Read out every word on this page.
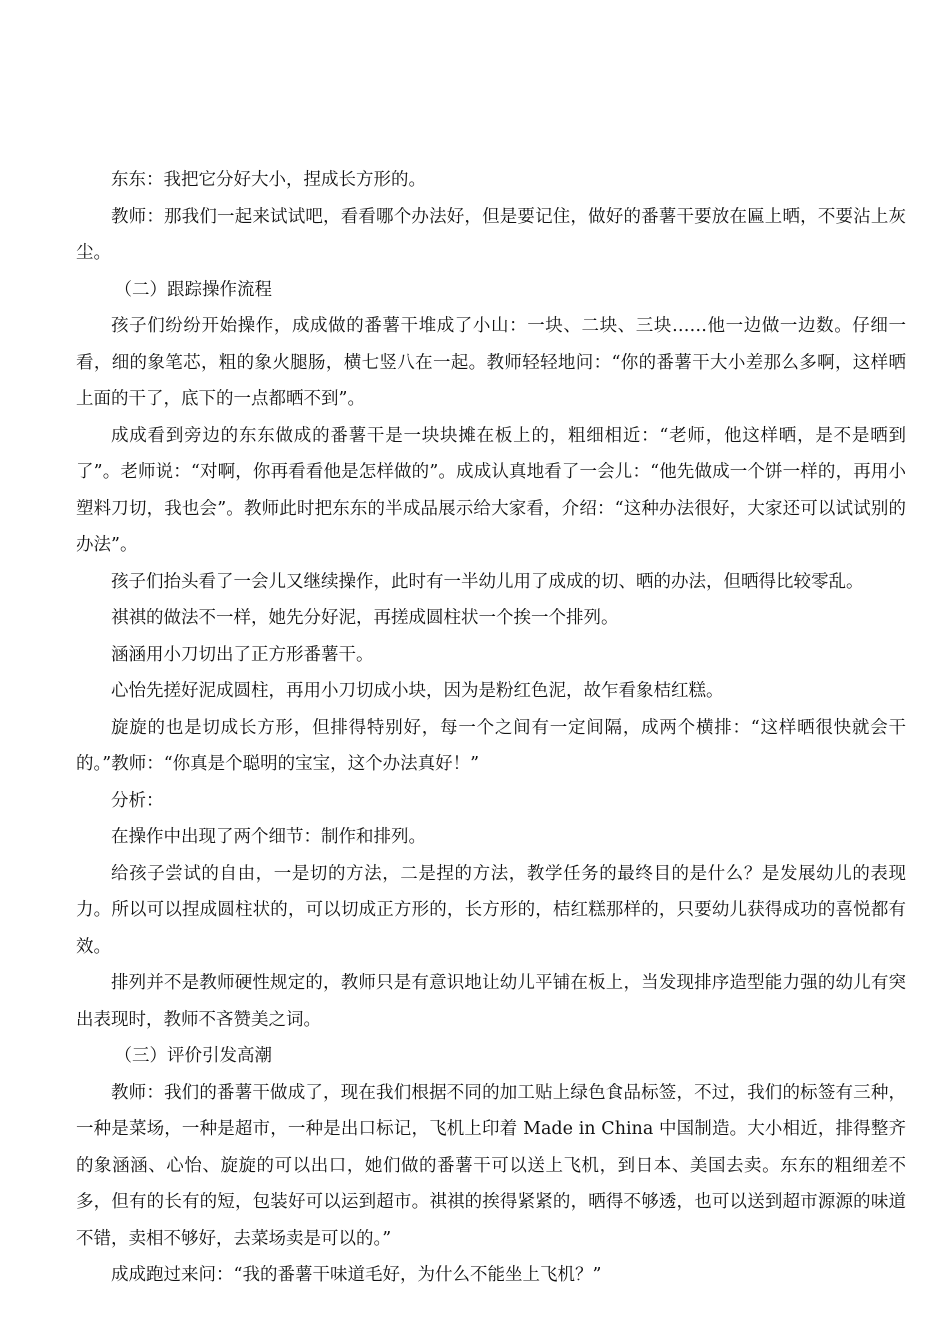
东东：我把它分好大小，捏成长方形的。

教师：那我们一起来试试吧，看看哪个办法好，但是要记住，做好的番薯干要放在匾上晒，不要沾上灰尘。

（二）跟踪操作流程

孩子们纷纷开始操作，成成做的番薯干堆成了小山：一块、二块、三块……他一边做一边数。仔细一看，细的象笔芯，粗的象火腿肠，横七竖八在一起。教师轻轻地问：“你的番薯干大小差那么多啊，这样晒上面的干了，底下的一点都晒不到”。

成成看到旁边的东东做成的番薯干是一块块摊在板上的，粗细相近：“老师，他这样晒，是不是晒到了”。老师说：“对啊，你再看看他是怎样做的”。成成认真地看了一会儿：“他先做成一个饼一样的，再用小塑料刀切，我也会”。教师此时把东东的半成品展示给大家看，介绍：“这种办法很好，大家还可以试试别的办法”。

孩子们抬头看了一会儿又继续操作，此时有一半幼儿用了成成的切、晒的办法，但晒得比较零乱。

祺祺的做法不一样，她先分好泥，再搓成圆柱状一个挨一个排列。

涵涵用小刀切出了正方形番薯干。

心怡先搓好泥成圆柱，再用小刀切成小块，因为是粉红色泥，故乍看象桔红糕。

旋旋的也是切成长方形，但排得特别好，每一个之间有一定间隔，成两个横排：“这样晒很快就会干的。”教师：“你真是个聪明的宝宝，这个办法真好！”

分析：

在操作中出现了两个细节：制作和排列。

给孩子尝试的自由，一是切的方法，二是捏的方法，教学任务的最终目的是什么？是发展幼儿的表现力。所以可以捏成圆柱状的，可以切成正方形的，长方形的，桔红糕那样的，只要幼儿获得成功的喜悦都有效。

排列并不是教师硬性规定的，教师只是有意识地让幼儿平铺在板上，当发现排序造型能力强的幼儿有突出表现时，教师不吝赞美之词。

（三）评价引发高潮

教师：我们的番薯干做成了，现在我们根据不同的加工贴上绿色食品标签，不过，我们的标签有三种，一种是菜场，一种是超市，一种是出口标记，飞机上印着 Made in China 中国制造。大小相近，排得整齐的象涵涵、心怡、旋旋的可以出口，她们做的番薯干可以送上飞机，到日本、美国去卖。东东的粗细差不多，但有的长有的短，包装好可以运到超市。祺祺的挨得紧紧的，晒得不够透，也可以送到超市源源的味道不错，卖相不够好，去菜场卖是可以的。”

成成跑过来问：“我的番薯干味道毛好，为什么不能坐上飞机？”
